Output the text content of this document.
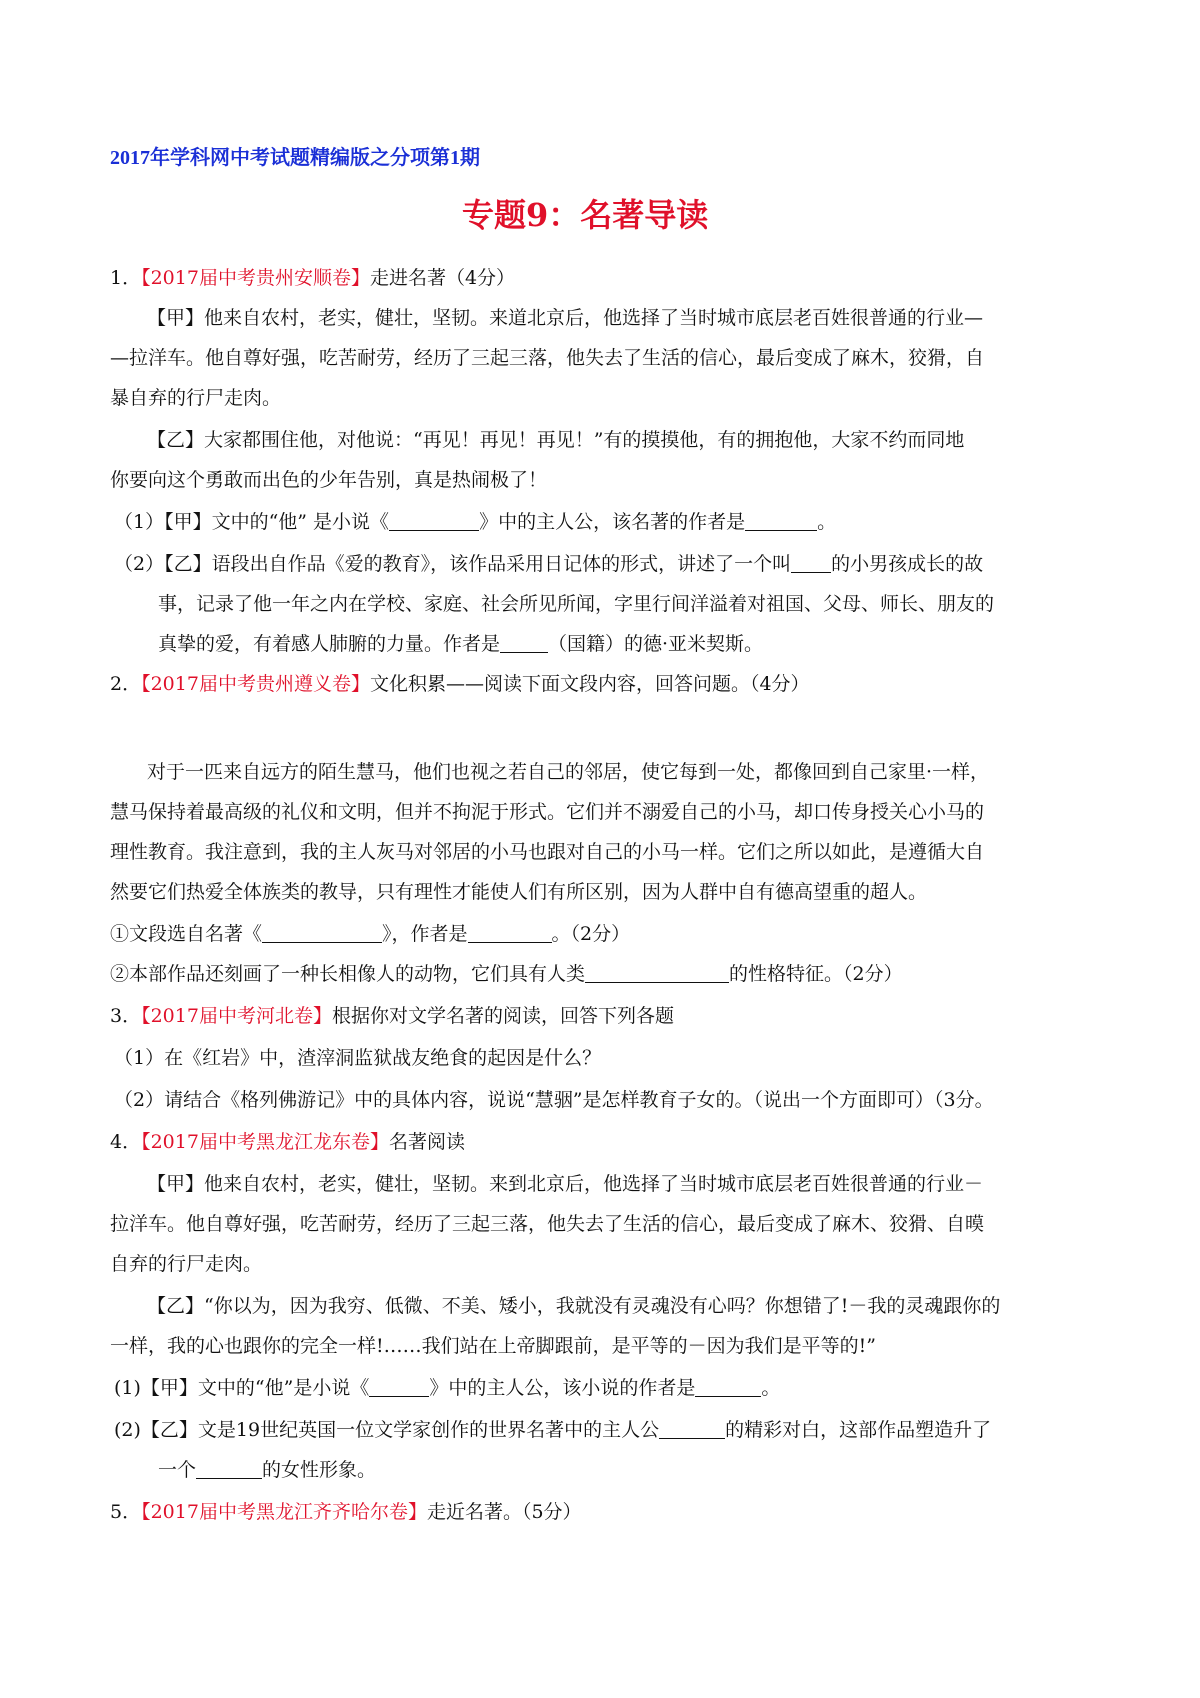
2017年学科网中考试题精编版之分项第1期
专题9：名著导读
1．【2017届中考贵州安顺卷】走进名著（4分）
【甲】他来自农村，老实，健壮，坚韧。来道北京后，他选择了当时城市底层老百姓很普通的行业—
—拉洋车。他自尊好强，吃苦耐劳，经历了三起三落，他失去了生活的信心，最后变成了麻木，狡猾，自
暴自弃的行尸走肉。
【乙】大家都围住他，对他说：“再见！再见！再见！”有的摸摸他，有的拥抱他，大家不约而同地
你要向这个勇敢而出色的少年告别，真是热闹极了！
（1）【甲】文中的“他” 是小说《	》中的主人公，该名著的作者是	。
（2）【乙】语段出自作品《爱的教育》，该作品采用日记体的形式，讲述了一个叫 的小男孩成长的故
事，记录了他一年之内在学校、家庭、社会所见所闻，字里行间洋溢着对祖国、父母、师长、朋友的
真挚的爱，有着感人肺腑的力量。作者是	（国籍）的德·亚米契斯。
2．【2017届中考贵州遵义卷】文化积累——阅读下面文段内容，回答问题。（4分）
对于一匹来自远方的陌生慧马，他们也视之若自己的邻居，使它每到一处，都像回到自己家里·一样，
慧马保持着最高级的礼仪和文明，但并不拘泥于形式。它们并不溺爱自己的小马，却口传身授关心小马的
理性教育。我注意到，我的主人灰马对邻居的小马也跟对自己的小马一样。它们之所以如此，是遵循大自
然要它们热爱全体族类的教导，只有理性才能使人们有所区别，因为人群中自有德高望重的超人。
①文段选自名著《	》，作者是	。（2分）
②本部作品还刻画了一种长相像人的动物，它们具有人类	的性格特征。（2分）
3．【2017届中考河北卷】根据你对文学名著的阅读，回答下列各题
（1）在《红岩》中，渣滓洞监狱战友绝食的起因是什么？
（2）请结合《格列佛游记》中的具体内容，说说“慧骃”是怎样教育子女的。（说出一个方面即可）（3分。
4．【2017届中考黑龙江龙东卷】名著阅读
【甲】他来自农村，老实，健壮，坚韧。来到北京后，他选择了当时城市底层老百姓很普通的行业－
拉洋车。他自尊好强，吃苦耐劳，经历了三起三落，他失去了生活的信心，最后变成了麻木、狡猾、自暯
自弃的行尸走肉。
【乙】“你以为，因为我穷、低微、不美、矮小，我就没有灵魂没有心吗？你想错了!－我的灵魂跟你的
一样，我的心也跟你的完全一样!……我们站在上帝脚跟前，是平等的－因为我们是平等的!”
(1)【甲】文中的“他”是小说《	》中的主人公，该小说的作者是	。
(2)【乙】文是19世纪英国一位文学家创作的世界名著中的主人公	的精彩对白，这部作品塑造升了
一个	的女性形象。
5．【2017届中考黑龙江齐齐哈尔卷】走近名著。（5分）
